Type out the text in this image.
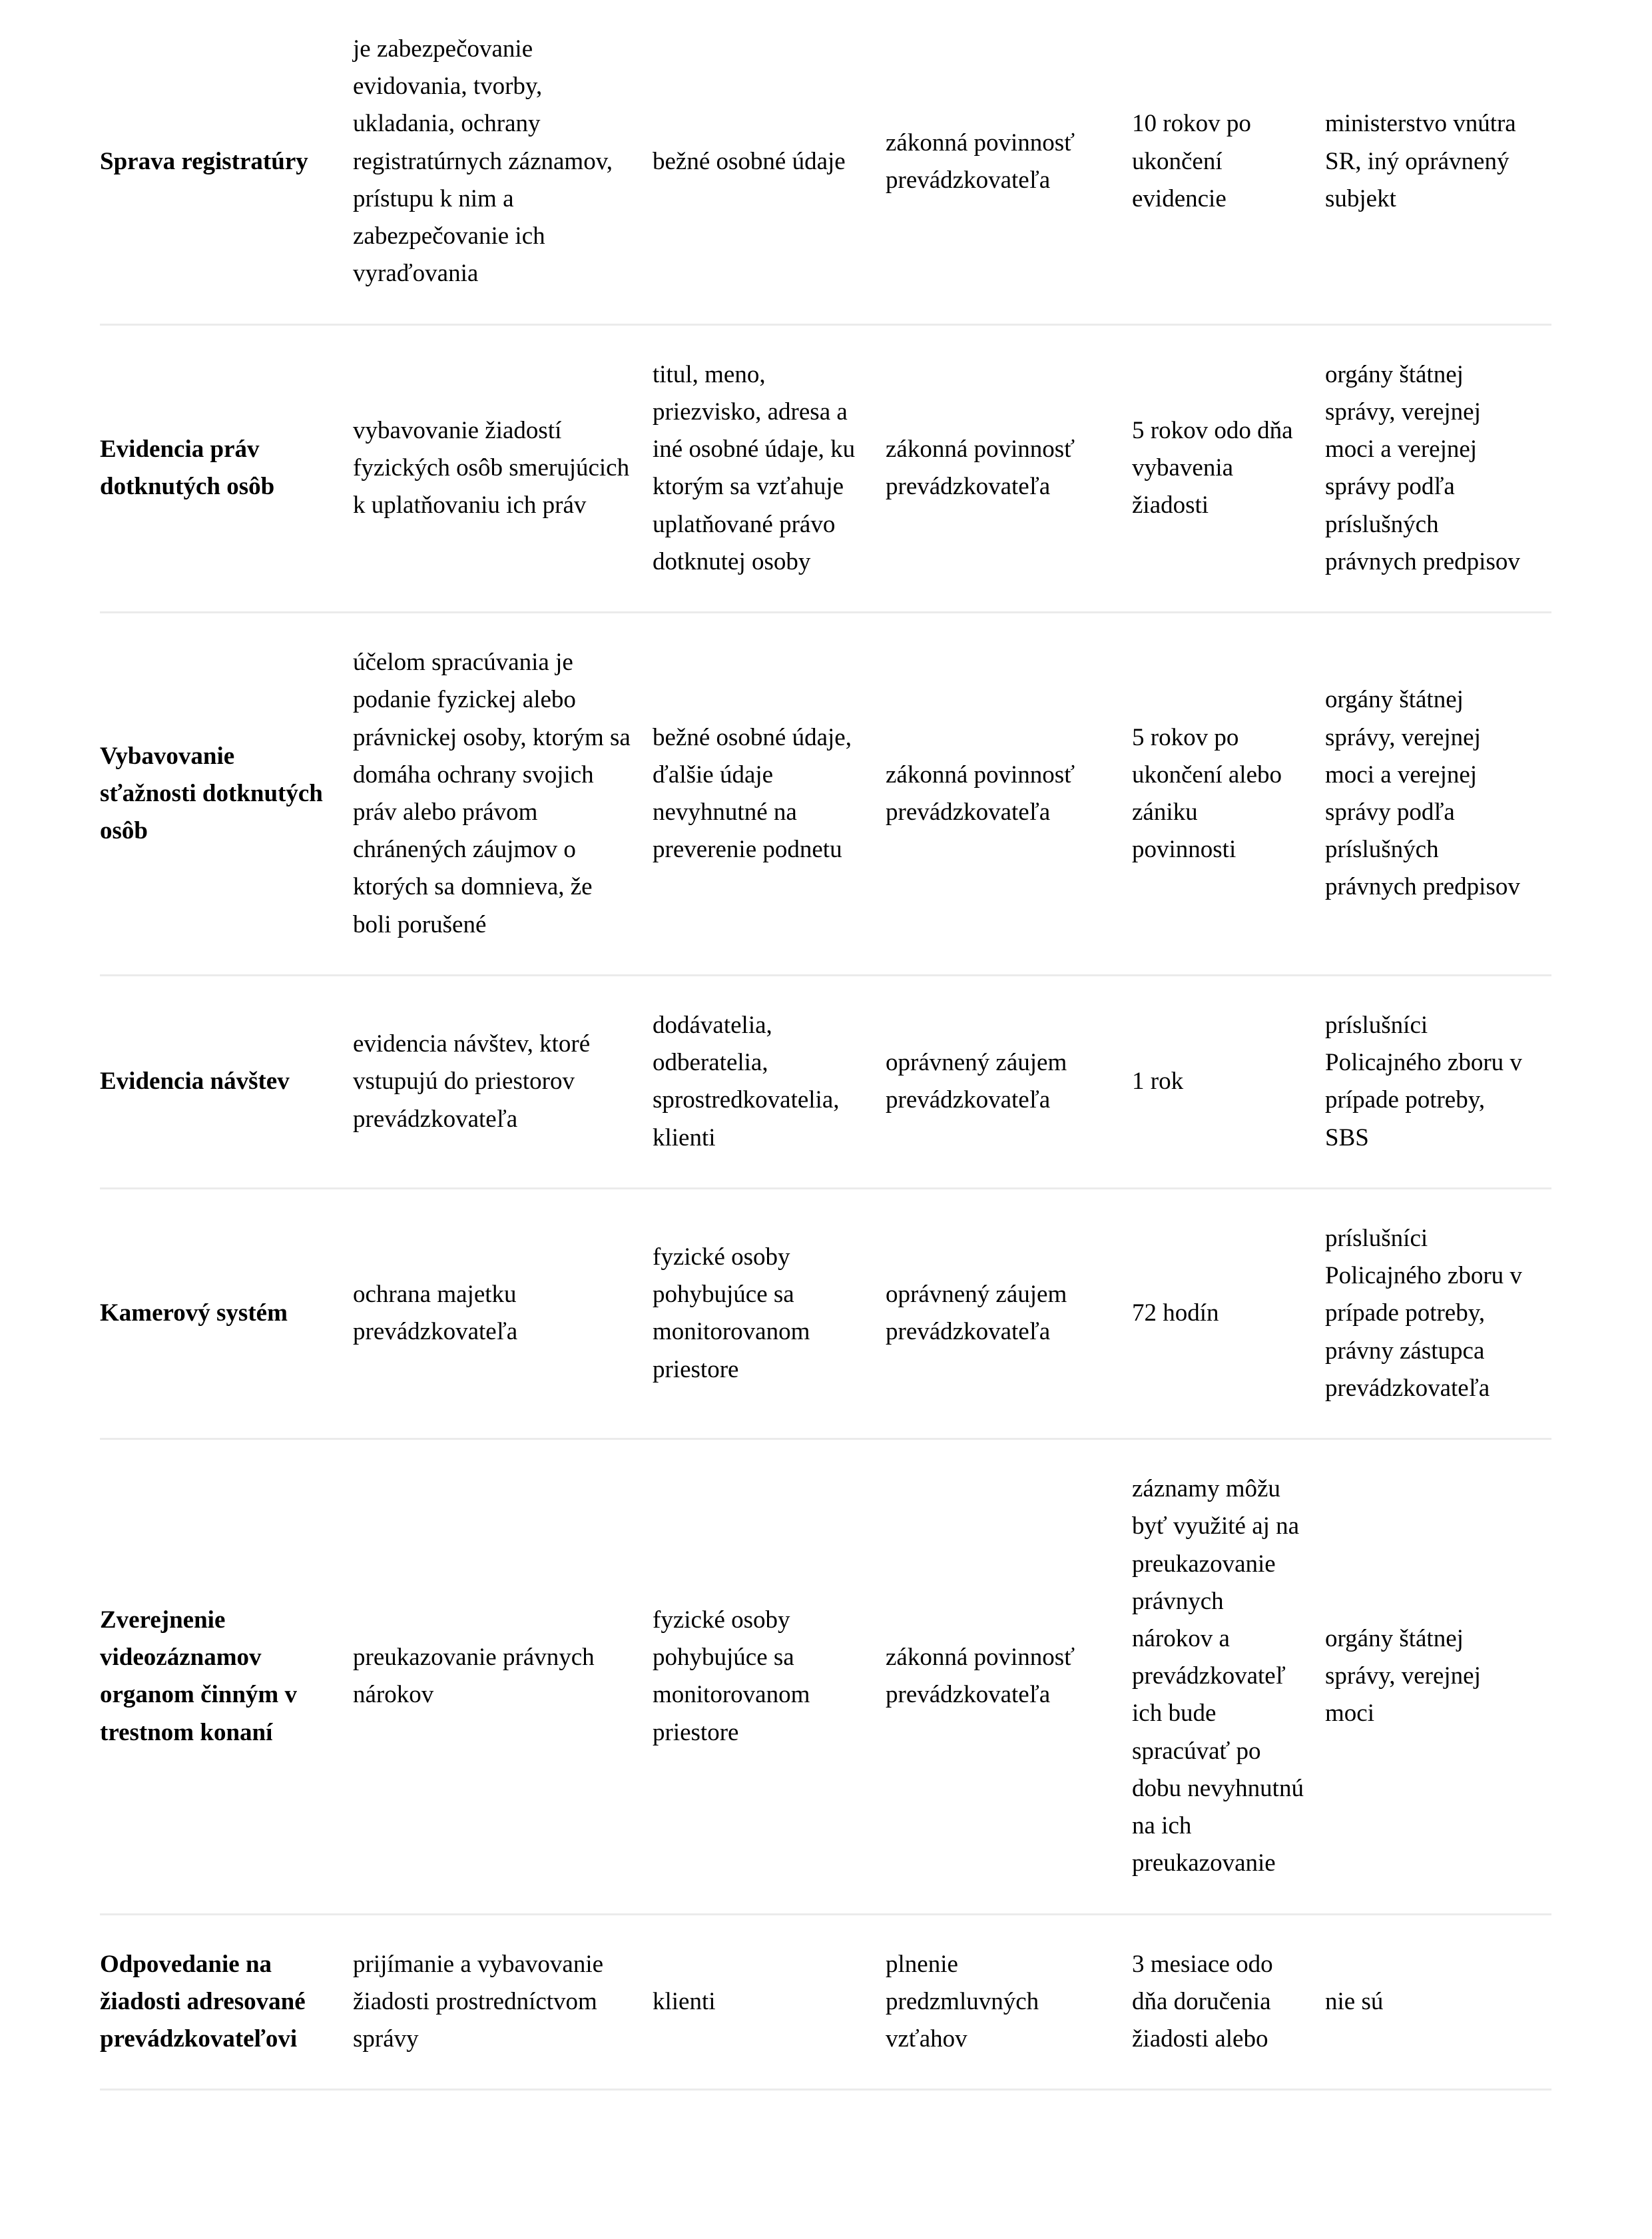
Sprava registratúry	je zabezpečovanie evidovania, tvorby, ukladania, ochrany registratúrnych záznamov, prístupu k nim a zabezpečovanie ich vyraďovania	bežné osobné údaje	zákonná povinnosť prevádzkovateľa	10 rokov po ukončení evidencie	ministerstvo vnútra SR, iný oprávnený subjekt

Evidencia práv dotknutých osôb	vybavovanie žiadostí fyzických osôb smerujúcich k uplatňovaniu ich práv	titul, meno, priezvisko, adresa a iné osobné údaje, ku ktorým sa vzťahuje uplatňované právo dotknutej osoby	zákonná povinnosť prevádzkovateľa	5 rokov odo dňa vybavenia žiadosti	orgány štátnej správy, verejnej moci a verejnej správy podľa príslušných právnych predpisov

Vybavovanie sťažnosti dotknutých osôb	účelom spracúvania je podanie fyzickej alebo právnickej osoby, ktorým sa domáha ochrany svojich práv alebo právom chránených záujmov o ktorých sa domnieva, že boli porušené	bežné osobné údaje, ďalšie údaje nevyhnutné na preverenie podnetu	zákonná povinnosť prevádzkovateľa	5 rokov po ukončení alebo zániku povinnosti	orgány štátnej správy, verejnej moci a verejnej správy podľa príslušných právnych predpisov

Evidencia návštev	evidencia návštev, ktoré vstupujú do priestorov prevádzkovateľa	dodávatelia, odberatelia, sprostredkovatelia, klienti	oprávnený záujem prevádzkovateľa	1 rok	príslušníci Policajného zboru v prípade potreby, SBS

Kamerový systém	ochrana majetku prevádzkovateľa	fyzické osoby pohybujúce sa monitorovanom priestore	oprávnený záujem prevádzkovateľa	72 hodín	príslušníci Policajného zboru v prípade potreby, právny zástupca prevádzkovateľa

Zverejnenie videozáznamov organom činným v trestnom konaní	preukazovanie právnych nárokov	fyzické osoby pohybujúce sa monitorovanom priestore	zákonná povinnosť prevádzkovateľa	záznamy môžu byť využité aj na preukazovanie právnych nárokov a prevádzkovateľ ich bude spracúvať po dobu nevyhnutnú na ich preukazovanie	orgány štátnej správy, verejnej moci

Odpovedanie na žiadosti adresované prevádzkovateľovi	prijímanie a vybavovanie žiadosti prostredníctvom správy	klienti	plnenie predzmluvných vzťahov	3 mesiace odo dňa doručenia žiadosti alebo	nie sú
